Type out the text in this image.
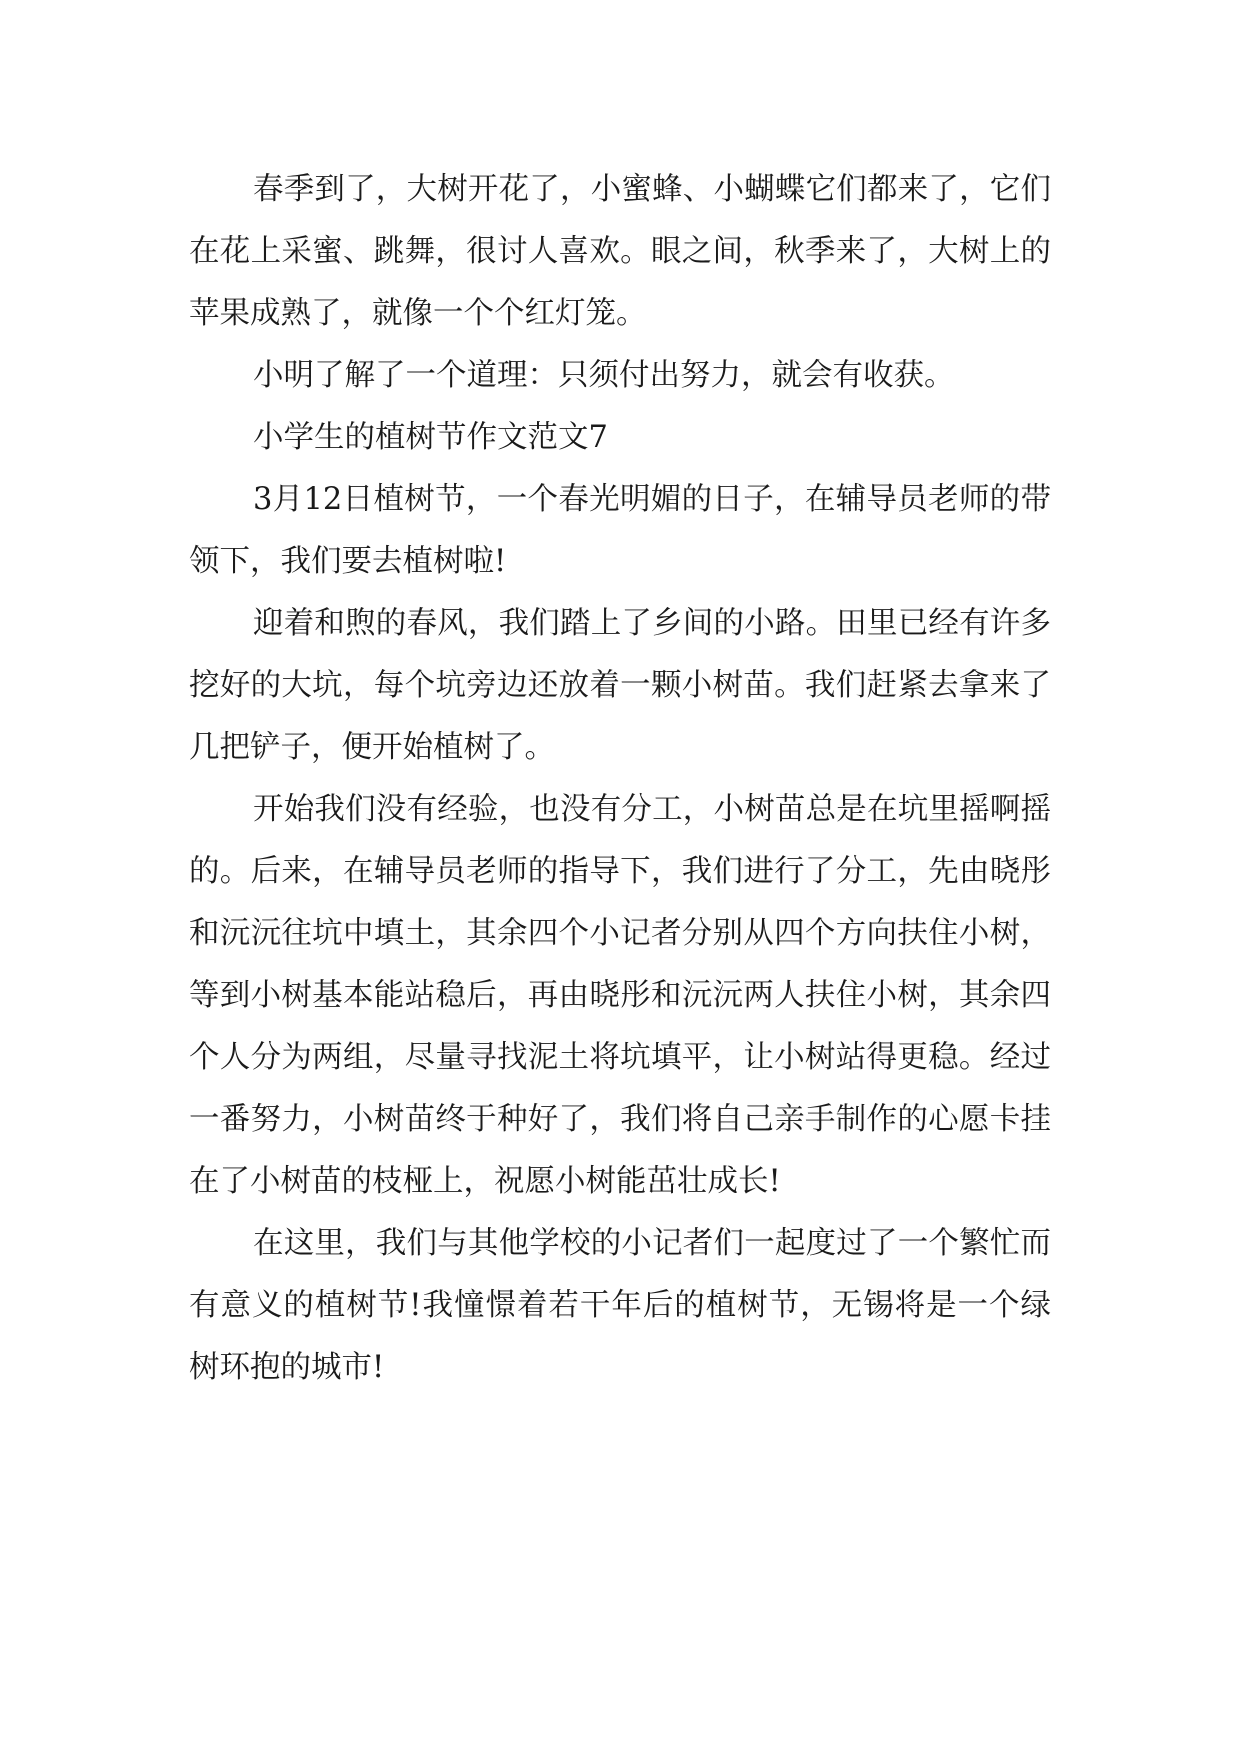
春季到了，大树开花了，小蜜蜂、小蝴蝶它们都来了，它们在花上采蜜、跳舞，很讨人喜欢。眼之间，秋季来了，大树上的苹果成熟了，就像一个个红灯笼。

小明了解了一个道理：只须付出努力，就会有收获。

小学生的植树节作文范文7

3月12日植树节，一个春光明媚的日子，在辅导员老师的带领下，我们要去植树啦!

迎着和煦的春风，我们踏上了乡间的小路。田里已经有许多挖好的大坑，每个坑旁边还放着一颗小树苗。我们赶紧去拿来了几把铲子，便开始植树了。

开始我们没有经验，也没有分工，小树苗总是在坑里摇啊摇的。后来，在辅导员老师的指导下，我们进行了分工，先由晓彤和沅沅往坑中填土，其余四个小记者分别从四个方向扶住小树，等到小树基本能站稳后，再由晓彤和沅沅两人扶住小树，其余四个人分为两组，尽量寻找泥土将坑填平，让小树站得更稳。经过一番努力，小树苗终于种好了，我们将自己亲手制作的心愿卡挂在了小树苗的枝桠上，祝愿小树能茁壮成长!

在这里，我们与其他学校的小记者们一起度过了一个繁忙而有意义的植树节!我憧憬着若干年后的植树节，无锡将是一个绿树环抱的城市!
